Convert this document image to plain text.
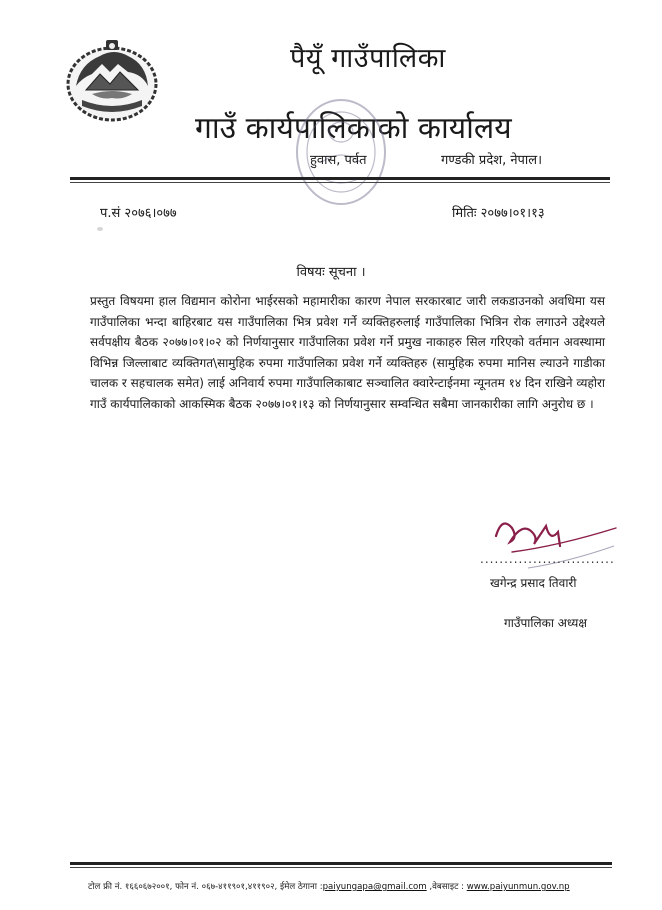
पैयूँ गाउँपालिका
गाउँ कार्यपालिकाको कार्यालय
हुवास, पर्वत	गण्डकी प्रदेश, नेपाल।
प.सं २०७६।०७७	मितिः २०७७।०१।१३
विषयः सूचना ।
प्रस्तुत विषयमा हाल विद्यमान कोरोना भाईरसको महामारीका कारण नेपाल सरकारबाट जारी लकडाउनको अवधिमा यस गाउँपालिका भन्दा बाहिरबाट यस गाउँपालिका भित्र प्रवेश गर्ने व्यक्तिहरुलाई गाउँपालिका भित्रिन रोक लगाउने उद्देश्यले सर्वपक्षीय बैठक २०७७।०१।०२ को निर्णयानुसार गाउँपालिका प्रवेश गर्ने प्रमुख नाकाहरु सिल गरिएको वर्तमान अवस्थामा विभिन्न जिल्लाबाट व्यक्तिगत\सामुहिक रुपमा गाउँपालिका प्रवेश गर्ने व्यक्तिहरु (सामुहिक रुपमा मानिस ल्याउने गाडीका चालक र सहचालक समेत) लाई अनिवार्य रुपमा गाउँपालिकाबाट सञ्चालित क्वारेन्टाईनमा न्यूनतम १४ दिन राखिने व्यहोरा गाउँ कार्यपालिकाको आकस्मिक बैठक २०७७।०१।१३ को निर्णयानुसार सम्वन्धित सबैमा जानकारीका लागि अनुरोध छ ।
............................
खगेन्द्र प्रसाद तिवारी
गाउँपालिका अध्यक्ष
टोल फ्री नं. १६६०६७२००१, फोन नं. ०६७-४११९०१,४११९०२, ईमेल ठेगाना :paiyungapa@gmail.com ,वेबसाइट : www.paiyunmun.gov.np
